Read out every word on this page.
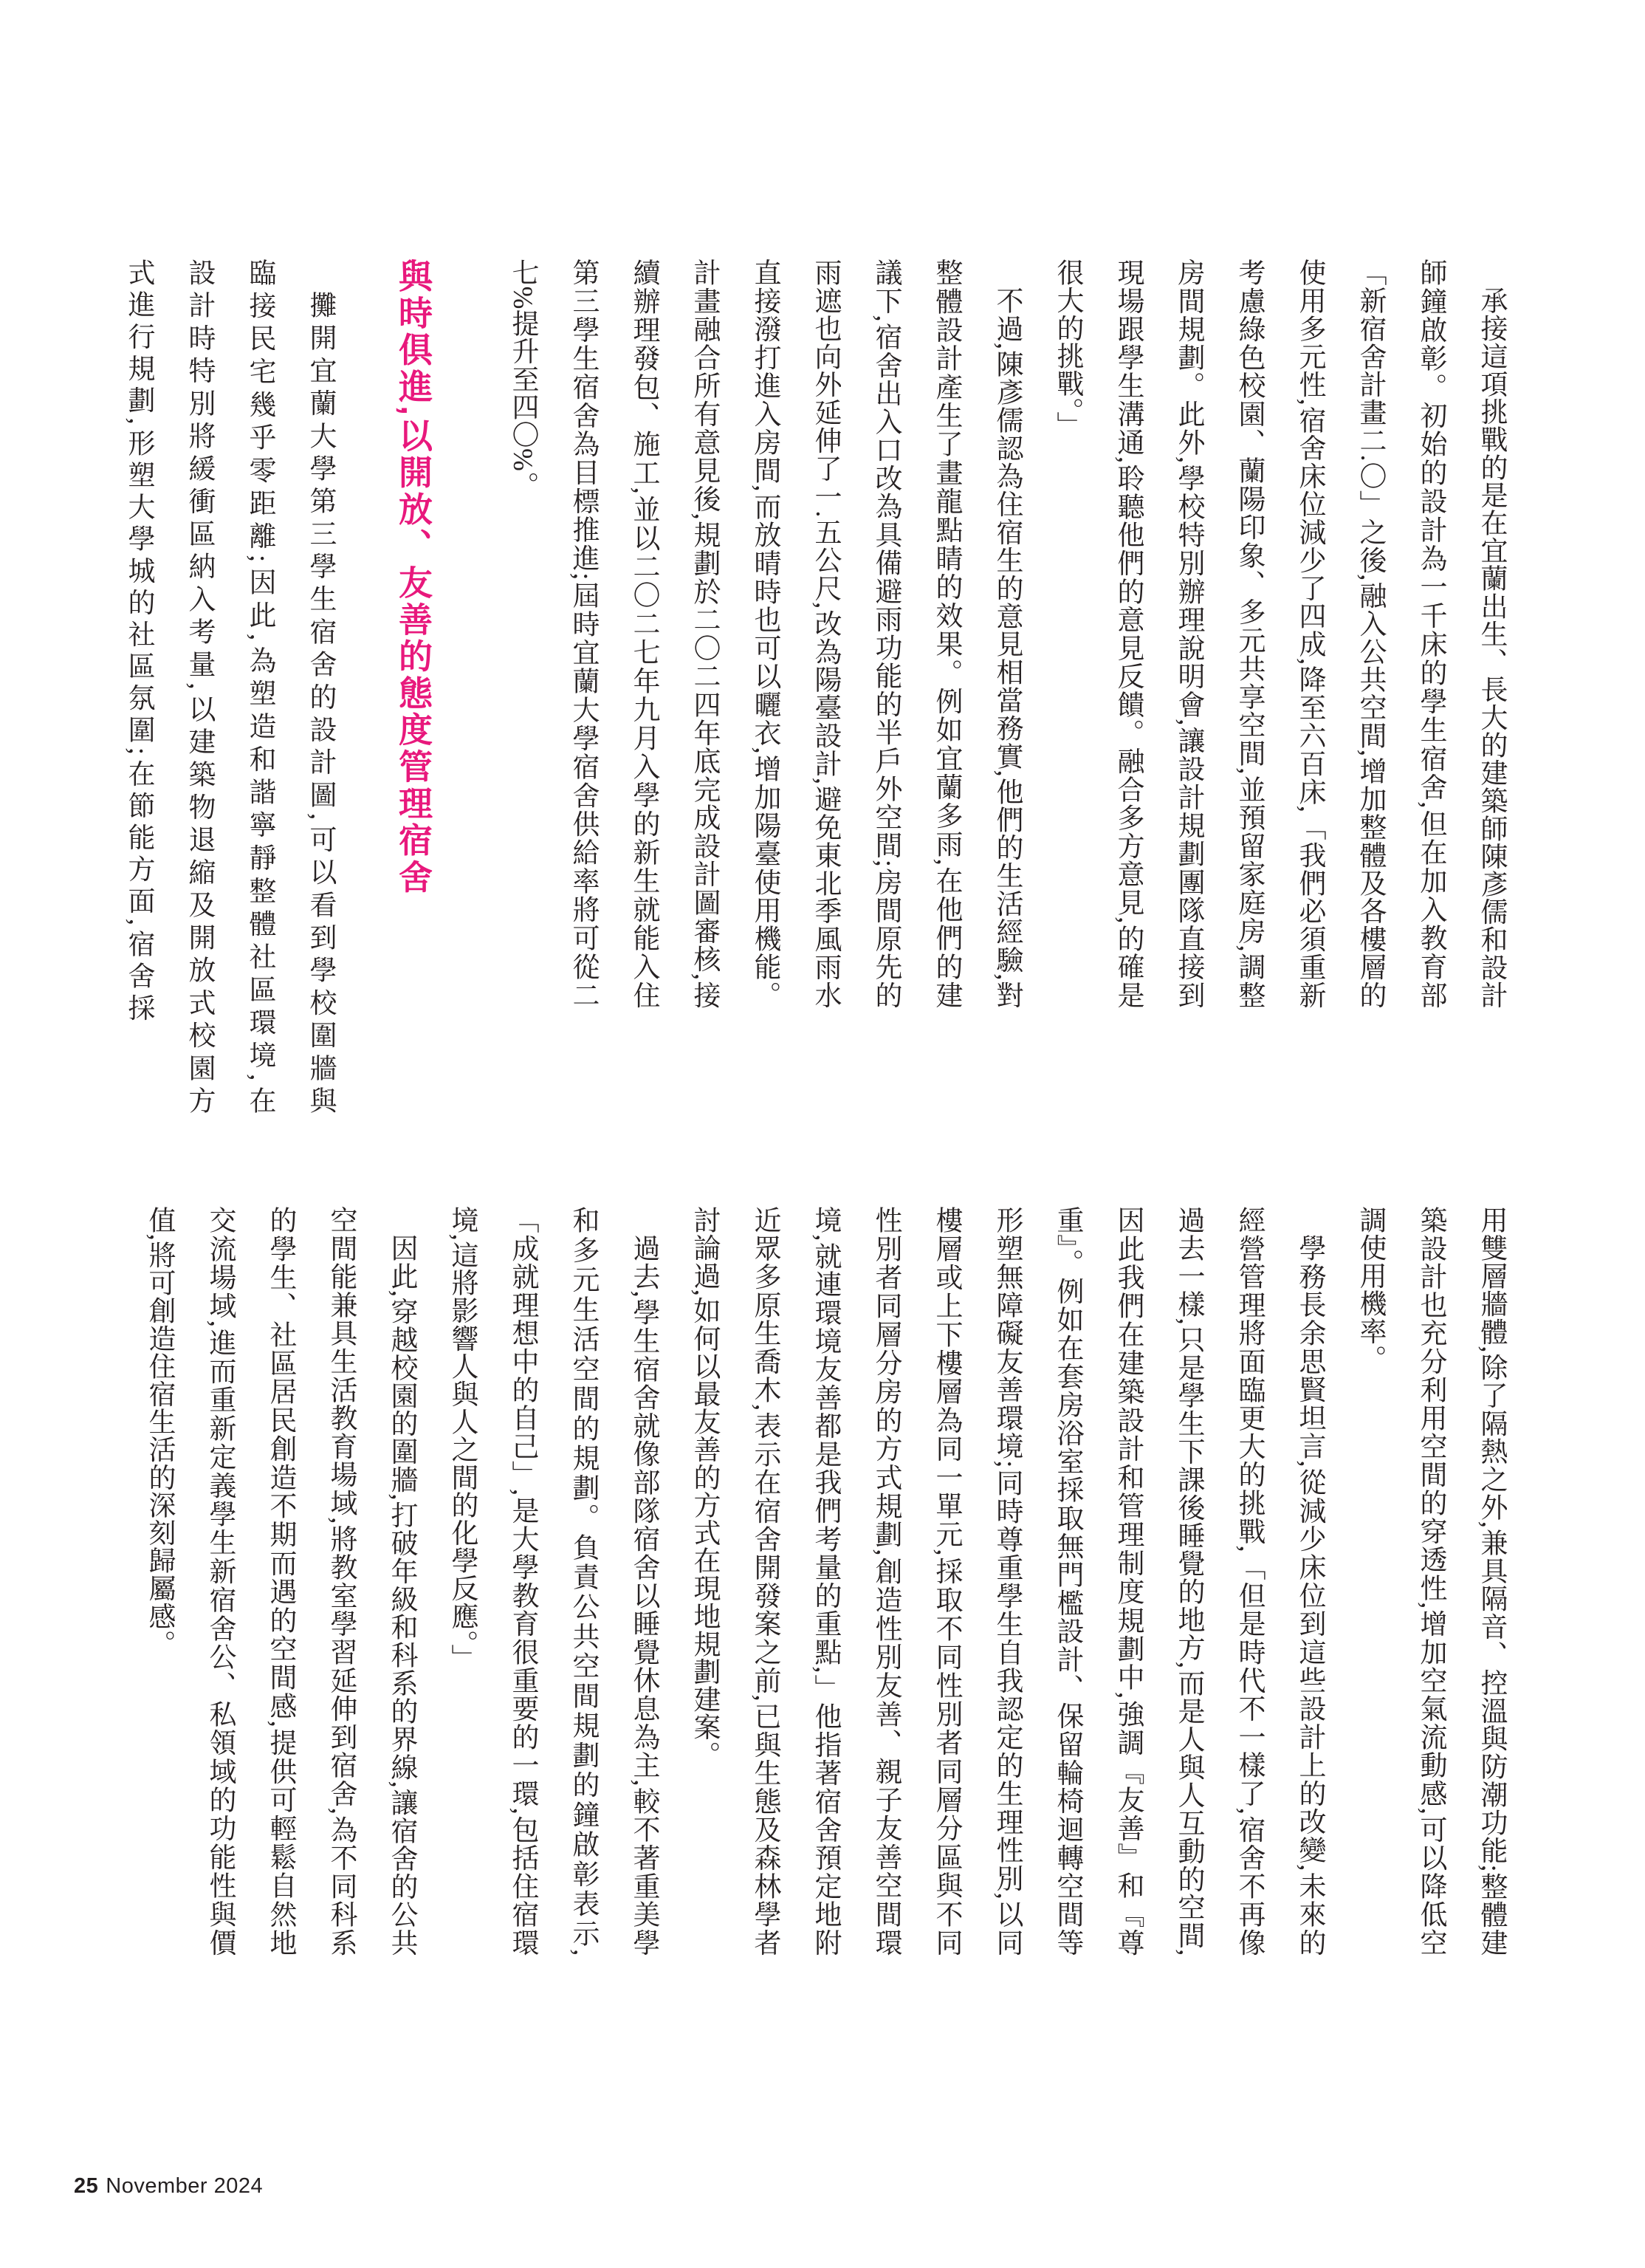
承接這項挑戰的是在宜蘭出生、長大的建築師陳彥儒和設計師鐘啟彰。初始的設計為一千床的學生宿舍,但在加入教育部「新宿舍計畫二.〇」之後,融入公共空間,增加整體及各樓層的使用多元性,宿舍床位減少了四成,降至六百床,「我們必須重新考慮綠色校園、蘭陽印象、多元共享空間,並預留家庭房,調整房間規劃。此外,學校特別辦理說明會,讓設計規劃團隊直接到現場跟學生溝通,聆聽他們的意見反饋。融合多方意見,的確是很大的挑戰。」

不過,陳彥儒認為住宿生的意見相當務實,他們的生活經驗,對整體設計產生了畫龍點睛的效果。例如宜蘭多雨,在他們的建議下,宿舍出入口改為具備避雨功能的半戶外空間;房間原先的雨遮也向外延伸了一.五公尺,改為陽臺設計,避免東北季風雨水直接潑打進入房間,而放晴時也可以曬衣,增加陽臺使用機能。計畫融合所有意見後,規劃於二〇二四年底完成設計圖審核,接續辦理發包、施工,並以二〇二七年九月入學的新生就能入住第三學生宿舍為目標推進;屆時宜蘭大學宿舍供給率將可從二七%提升至四〇%。

與時俱進,以開放、友善的態度管理宿舍

攤開宜蘭大學第三學生宿舍的設計圖,可以看到學校圍牆與臨接民宅幾乎零距離;因此,為塑造和諧寧靜整體社區環境,在設計時特別將緩衝區納入考量,以建築物退縮及開放式校園方式進行規劃,形塑大學城的社區氛圍;在節能方面,宿舍採

用雙層牆體,除了隔熱之外,兼具隔音、控溫與防潮功能;整體建築設計也充分利用空間的穿透性,增加空氣流動感,可以降低空調使用機率。

學務長余思賢坦言,從減少床位到這些設計上的改變,未來的經營管理將面臨更大的挑戰,「但是時代不一樣了,宿舍不再像過去一樣,只是學生下課後睡覺的地方,而是人與人互動的空間,因此我們在建築設計和管理制度規劃中,強調『友善』和『尊重』。例如在套房浴室採取無門檻設計、保留輪椅迴轉空間等形塑無障礙友善環境;同時尊重學生自我認定的生理性別,以同樓層或上下樓層為同一單元,採取不同性別者同層分區與不同性別者同層分房的方式規劃,創造性別友善、親子友善空間環境,就連環境友善都是我們考量的重點,」他指著宿舍預定地附近眾多原生喬木,表示在宿舍開發案之前,已與生態及森林學者討論過,如何以最友善的方式在現地規劃建案。

過去,學生宿舍就像部隊宿舍以睡覺休息為主,較不著重美學和多元生活空間的規劃。負責公共空間規劃的鐘啟彰表示,「成就理想中的自己」,是大學教育很重要的一環,包括住宿環境,這將影響人與人之間的化學反應。」

因此,穿越校園的圍牆,打破年級和科系的界線,讓宿舍的公共空間能兼具生活教育場域,將教室學習延伸到宿舍,為不同科系的學生、社區居民創造不期而遇的空間感,提供可輕鬆自然地交流場域,進而重新定義學生新宿舍公、私領域的功能性與價值,將可創造住宿生活的深刻歸屬感。

25 November 2024
